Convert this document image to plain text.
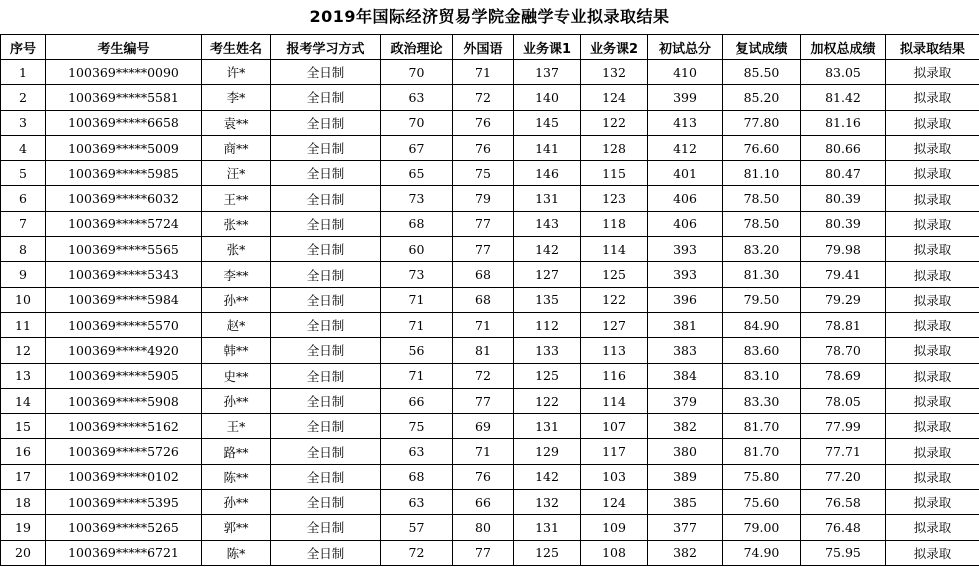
2019年国际经济贸易学院金融学专业拟录取结果
序号	考生编号	考生姓名	报考学习方式	政治理论	外国语	业务课1	业务课2	初试总分	复试成绩	加权总成绩	拟录取结果
1	100369*****0090	许*	全日制	70	71	137	132	410	85.50	83.05	拟录取
2	100369*****5581	李*	全日制	63	72	140	124	399	85.20	81.42	拟录取
3	100369*****6658	袁**	全日制	70	76	145	122	413	77.80	81.16	拟录取
4	100369*****5009	商**	全日制	67	76	141	128	412	76.60	80.66	拟录取
5	100369*****5985	汪*	全日制	65	75	146	115	401	81.10	80.47	拟录取
6	100369*****6032	王**	全日制	73	79	131	123	406	78.50	80.39	拟录取
7	100369*****5724	张**	全日制	68	77	143	118	406	78.50	80.39	拟录取
8	100369*****5565	张*	全日制	60	77	142	114	393	83.20	79.98	拟录取
9	100369*****5343	李**	全日制	73	68	127	125	393	81.30	79.41	拟录取
10	100369*****5984	孙**	全日制	71	68	135	122	396	79.50	79.29	拟录取
11	100369*****5570	赵*	全日制	71	71	112	127	381	84.90	78.81	拟录取
12	100369*****4920	韩**	全日制	56	81	133	113	383	83.60	78.70	拟录取
13	100369*****5905	史**	全日制	71	72	125	116	384	83.10	78.69	拟录取
14	100369*****5908	孙**	全日制	66	77	122	114	379	83.30	78.05	拟录取
15	100369*****5162	王*	全日制	75	69	131	107	382	81.70	77.99	拟录取
16	100369*****5726	路**	全日制	63	71	129	117	380	81.70	77.71	拟录取
17	100369*****0102	陈**	全日制	68	76	142	103	389	75.80	77.20	拟录取
18	100369*****5395	孙**	全日制	63	66	132	124	385	75.60	76.58	拟录取
19	100369*****5265	郭**	全日制	57	80	131	109	377	79.00	76.48	拟录取
20	100369*****6721	陈*	全日制	72	77	125	108	382	74.90	75.95	拟录取
